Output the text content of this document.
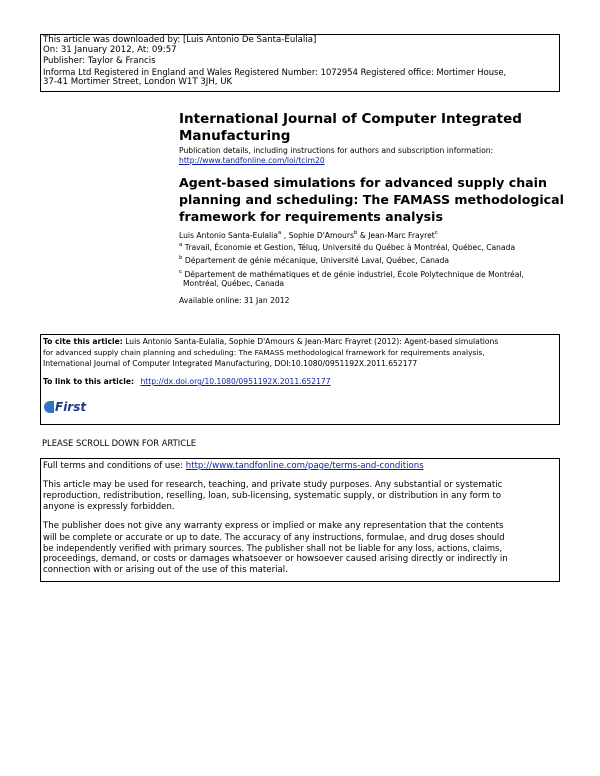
This article was downloaded by: [Luis Antonio De Santa-Eulalia]
On: 31 January 2012, At: 09:57
Publisher: Taylor & Francis
Informa Ltd Registered in England and Wales Registered Number: 1072954 Registered office: Mortimer House,
37-41 Mortimer Street, London W1T 3JH, UK
International Journal of Computer Integrated
Manufacturing
Publication details, including instructions for authors and subscription information:
http://www.tandfonline.com/loi/tcim20
Agent-based simulations for advanced supply chain
planning and scheduling: The FAMASS methodological
framework for requirements analysis
Luis Antonio Santa-Eulalia$^a$ , Sophie D'Amours$^b$ & Jean-Marc Frayret$^c$
$^a$ Travail, Économie et Gestion, Téluq, Université du Québec à Montréal, Québec, Canada
$^b$ Département de génie mécanique, Université Laval, Québec, Canada
$^c$ Département de mathématiques et de génie industriel, École Polytechnique de Montréal,
Montréal, Québec, Canada
Available online: 31 Jan 2012
To cite this article: Luis Antonio Santa-Eulalia, Sophie D'Amours & Jean-Marc Frayret (2012): Agent-based simulations
for advanced supply chain planning and scheduling: The FAMASS methodological framework for requirements analysis,
International Journal of Computer Integrated Manufacturing, DOI:10.1080/0951192X.2011.652177
To link to this article: http://dx.doi.org/10.1080/0951192X.2011.652177
First
PLEASE SCROLL DOWN FOR ARTICLE
Full terms and conditions of use: http://www.tandfonline.com/page/terms-and-conditions
This article may be used for research, teaching, and private study purposes. Any substantial or systematic
reproduction, redistribution, reselling, loan, sub-licensing, systematic supply, or distribution in any form to
anyone is expressly forbidden.
The publisher does not give any warranty express or implied or make any representation that the contents
will be complete or accurate or up to date. The accuracy of any instructions, formulae, and drug doses should
be independently verified with primary sources. The publisher shall not be liable for any loss, actions, claims,
proceedings, demand, or costs or damages whatsoever or howsoever caused arising directly or indirectly in
connection with or arising out of the use of this material.
